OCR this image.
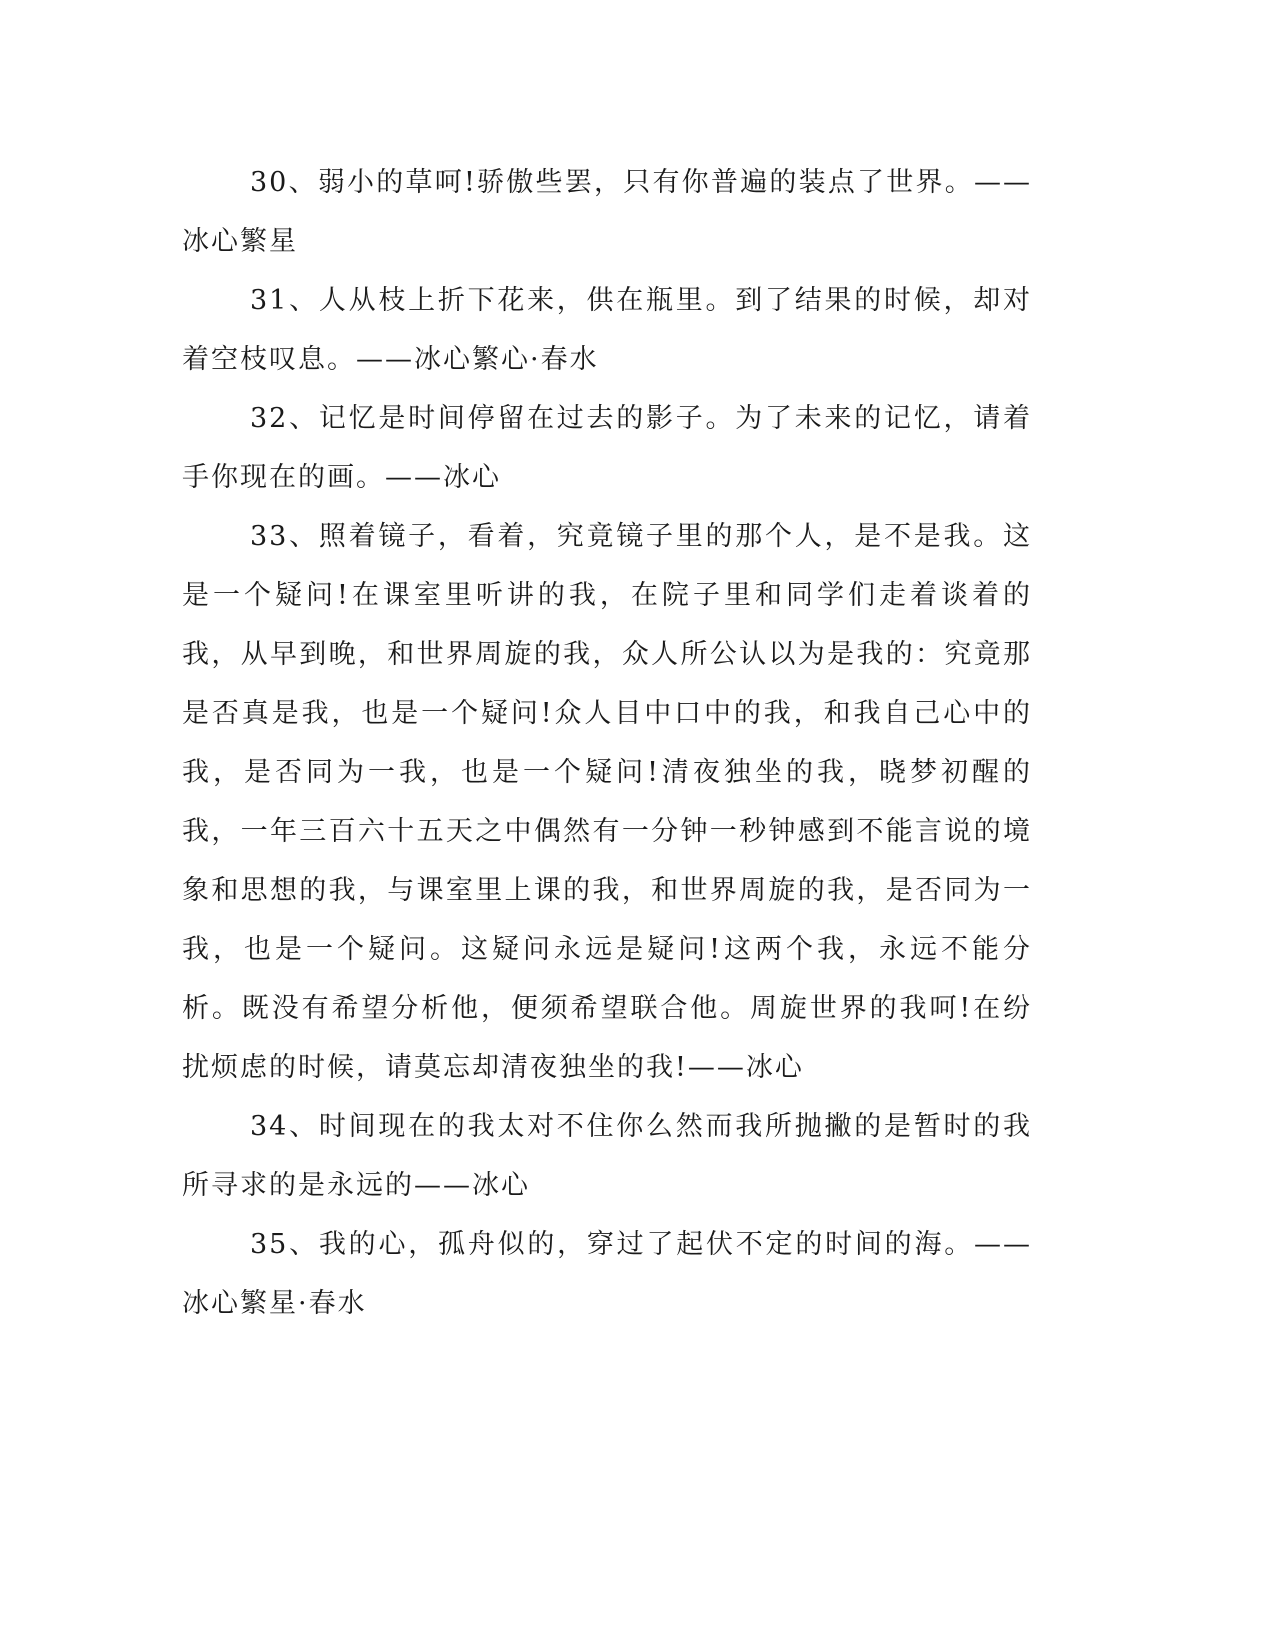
30、弱小的草呵!骄傲些罢，只有你普遍的装点了世界。——冰心繁星

31、人从枝上折下花来，供在瓶里。到了结果的时候，却对着空枝叹息。——冰心繁心·春水

32、记忆是时间停留在过去的影子。为了未来的记忆，请着手你现在的画。——冰心

33、照着镜子，看着，究竟镜子里的那个人，是不是我。这是一个疑问!在课室里听讲的我，在院子里和同学们走着谈着的我，从早到晚，和世界周旋的我，众人所公认以为是我的：究竟那是否真是我，也是一个疑问!众人目中口中的我，和我自己心中的我，是否同为一我，也是一个疑问!清夜独坐的我，晓梦初醒的我，一年三百六十五天之中偶然有一分钟一秒钟感到不能言说的境象和思想的我，与课室里上课的我，和世界周旋的我，是否同为一我，也是一个疑问。这疑问永远是疑问!这两个我，永远不能分析。既没有希望分析他，便须希望联合他。周旋世界的我呵!在纷扰烦虑的时候，请莫忘却清夜独坐的我!——冰心

34、时间现在的我太对不住你么然而我所抛撇的是暂时的我所寻求的是永远的——冰心

35、我的心，孤舟似的，穿过了起伏不定的时间的海。——冰心繁星·春水
